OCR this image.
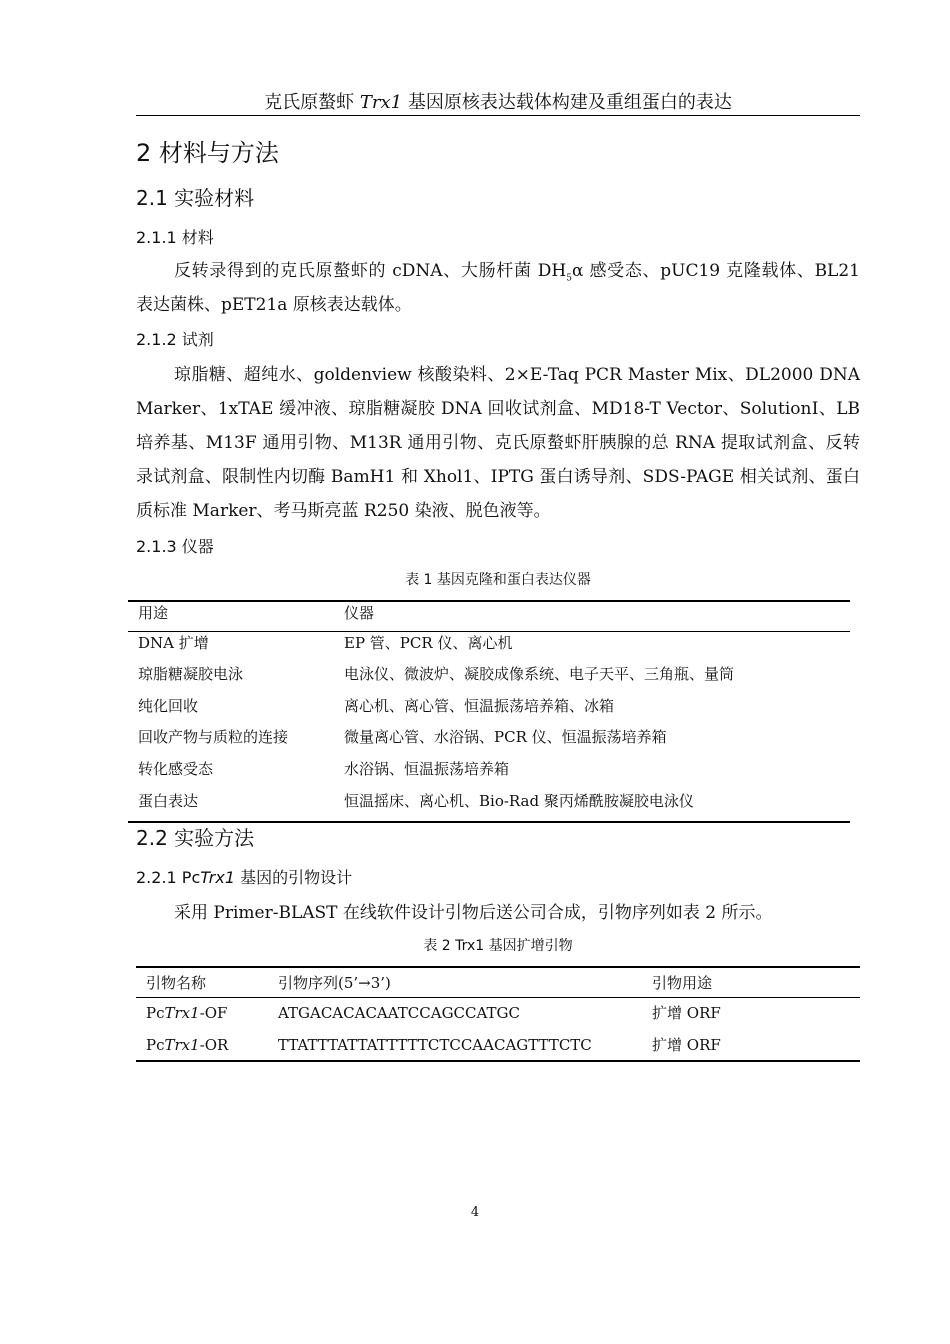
克氏原螯虾 Trx1 基因原核表达载体构建及重组蛋白的表达
2 材料与方法
2.1 实验材料
2.1.1 材料

反转录得到的克氏原螯虾的 cDNA、大肠杆菌 $DH_5\alpha$ 感受态、pUC19 克隆载体、BL21 表达菌株、pET21a 原核表达载体。

2.1.2 试剂

琼脂糖、超纯水、goldenview 核酸染料、2×E-Taq PCR Master Mix、DL2000 DNA Marker、1xTAE 缓冲液、琼脂糖凝胶 DNA 回收试剂盒、MD18-T Vector、SolutionⅠ、LB 培养基、M13F 通用引物、M13R 通用引物、克氏原螯虾肝胰腺的总 RNA 提取试剂盒、反转录试剂盒、限制性内切酶 BamH1 和 Xhol1、IPTG 蛋白诱导剂、SDS-PAGE 相关试剂、蛋白质标准 Marker、考马斯亮蓝 R250 染液、脱色液等。

2.1.3 仪器
表 1 基因克隆和蛋白表达仪器
用途	仪器
DNA 扩增	EP 管、PCR 仪、离心机
琼脂糖凝胶电泳	电泳仪、微波炉、凝胶成像系统、电子天平、三角瓶、量筒
纯化回收	离心机、离心管、恒温振荡培养箱、冰箱
回收产物与质粒的连接	微量离心管、水浴锅、PCR 仪、恒温振荡培养箱
转化感受态	水浴锅、恒温振荡培养箱
蛋白表达	恒温摇床、离心机、Bio-Rad 聚丙烯酰胺凝胶电泳仪
2.2 实验方法
2.2.1 PcTrx1 基因的引物设计

采用 Primer-BLAST 在线软件设计引物后送公司合成，引物序列如表 2 所示。

表 2 Trx1 基因扩增引物
引物名称	引物序列(5’→3’)	引物用途
PcTrx1-OF	ATGACACACAATCCAGCCATGC	扩增 ORF
PcTrx1-OR	TTATTTATTATTTTTCTCCAACAGTTTCTC	扩增 ORF
4
